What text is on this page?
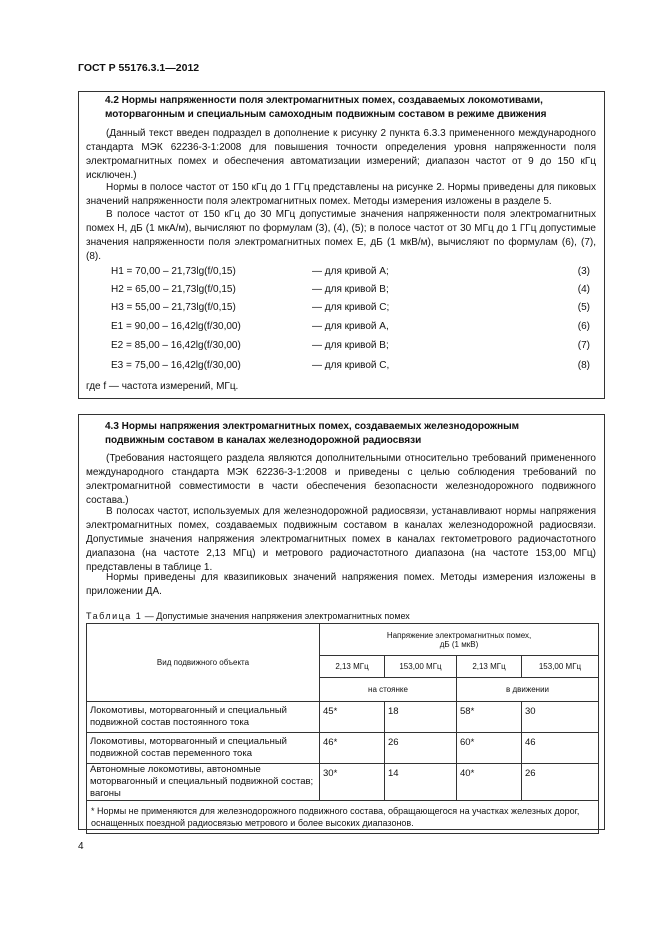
ГОСТ Р 55176.3.1—2012
4.2 Нормы напряженности поля электромагнитных помех, создаваемых локомотивами,
моторвагонным и специальным самоходным подвижным составом в режиме движения

(Данный текст введен подраздел в дополнение к рисунку 2 пункта 6.3.3 примененного международного стандарта МЭК 62236-3-1:2008 для повышения точности определения уровня напряженности поля электромагнитных помех и обеспечения автоматизации измерений; диапазон частот от 9 до 150 кГц исключен.)

Нормы в полосе частот от 150 кГц до 1 ГГц представлены на рисунке 2. Нормы приведены для пиковых значений напряженности поля электромагнитных помех. Методы измерения изложены в разделе 5.

В полосе частот от 150 кГц до 30 МГц допустимые значения напряженности поля электромагнитных помех H, дБ (1 мкА/м), вычисляют по формулам (3), (4), (5); в полосе частот от 30 МГц до 1 ГГц допустимые значения напряженности поля электромагнитных помех E, дБ (1 мкВ/м), вычисляют по формулам (6), (7), (8).

H1 = 70,00 – 21,73lg(f/0,15)	— для кривой А;	(3)
H2 = 65,00 – 21,73lg(f/0,15)	— для кривой В;	(4)
H3 = 55,00 – 21,73lg(f/0,15)	— для кривой С;	(5)
E1 = 90,00 – 16,42lg(f/30,00)	— для кривой А,	(6)
E2 = 85,00 – 16,42lg(f/30,00)	— для кривой В;	(7)
E3 = 75,00 – 16,42lg(f/30,00)	— для кривой С,	(8)

где f — частота измерений, МГц.

4.3 Нормы напряжения электромагнитных помех, создаваемых железнодорожным
подвижным составом в каналах железнодорожной радиосвязи

(Требования настоящего раздела являются дополнительными относительно требований примененного международного стандарта МЭК 62236-3-1:2008 и приведены с целью соблюдения требований по электромагнитной совместимости в части обеспечения безопасности железнодорожного подвижного состава.)

В полосах частот, используемых для железнодорожной радиосвязи, устанавливают нормы напряжения электромагнитных помех, создаваемых подвижным составом в каналах железнодорожной радиосвязи. Допустимые значения напряжения электромагнитных помех в каналах гектометрового радиочастотного диапазона (на частоте 2,13 МГц) и метрового радиочастотного диапазона (на частоте 153,00 МГц) представлены в таблице 1.

Нормы приведены для квазипиковых значений напряжения помех. Методы измерения изложены в приложении ДА.

Таблица 1 — Допустимые значения напряжения электромагнитных помех
Вид подвижного объекта	Напряжение электромагнитных помех,
дБ (1 мкВ)			

	2,13 МГц	153,00 МГц	2,13 МГц	153,00 МГц
	на стоянке		в движении	
Локомотивы, моторвагонный и специальный подвижной состав постоянного тока	45*	18	58*	30
Локомотивы, моторвагонный и специальный подвижной состав переменного тока	46*	26	60*	46
Автономные локомотивы, автономные моторвагонный и специальный подвижной состав; вагоны	30*	14	40*	26
* Нормы не применяются для железнодорожного подвижного состава, обращающегося на участках железных дорог, оснащенных поездной радиосвязью метрового и более высоких диапазонов.				
4
